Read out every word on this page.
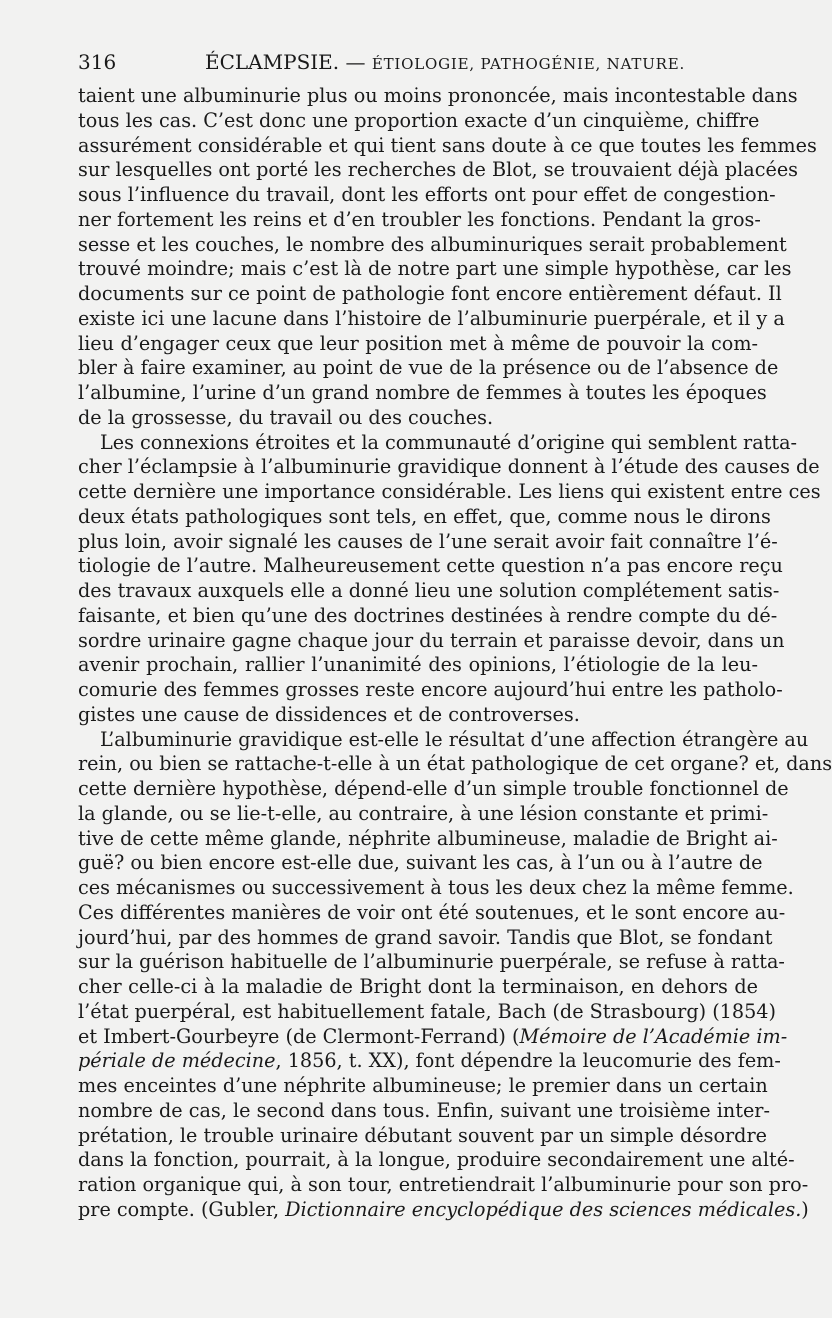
316	ÉCLAMPSIE. — ÉTIOLOGIE, PATHOGÉNIE, NATURE.
taient une albuminurie plus ou moins prononcée, mais incontestable dans
tous les cas. C’est donc une proportion exacte d’un cinquième, chiffre
assurément considérable et qui tient sans doute à ce que toutes les femmes
sur lesquelles ont porté les recherches de Blot, se trouvaient déjà placées
sous l’influence du travail, dont les efforts ont pour effet de congestion-
ner fortement les reins et d’en troubler les fonctions. Pendant la gros-
sesse et les couches, le nombre des albuminuriques serait probablement
trouvé moindre; mais c’est là de notre part une simple hypothèse, car les
documents sur ce point de pathologie font encore entièrement défaut. Il
existe ici une lacune dans l’histoire de l’albuminurie puerpérale, et il y a
lieu d’engager ceux que leur position met à même de pouvoir la com-
bler à faire examiner, au point de vue de la présence ou de l’absence de
l’albumine, l’urine d’un grand nombre de femmes à toutes les époques
de la grossesse, du travail ou des couches.
Les connexions étroites et la communauté d’origine qui semblent ratta-
cher l’éclampsie à l’albuminurie gravidique donnent à l’étude des causes de
cette dernière une importance considérable. Les liens qui existent entre ces
deux états pathologiques sont tels, en effet, que, comme nous le dirons
plus loin, avoir signalé les causes de l’une serait avoir fait connaître l’é-
tiologie de l’autre. Malheureusement cette question n’a pas encore reçu
des travaux auxquels elle a donné lieu une solution complétement satis-
faisante, et bien qu’une des doctrines destinées à rendre compte du dé-
sordre urinaire gagne chaque jour du terrain et paraisse devoir, dans un
avenir prochain, rallier l’unanimité des opinions, l’étiologie de la leu-
comurie des femmes grosses reste encore aujourd’hui entre les patholo-
gistes une cause de dissidences et de controverses.
L’albuminurie gravidique est-elle le résultat d’une affection étrangère au
rein, ou bien se rattache-t-elle à un état pathologique de cet organe? et, dans
cette dernière hypothèse, dépend-elle d’un simple trouble fonctionnel de
la glande, ou se lie-t-elle, au contraire, à une lésion constante et primi-
tive de cette même glande, néphrite albumineuse, maladie de Bright ai-
guë? ou bien encore est-elle due, suivant les cas, à l’un ou à l’autre de
ces mécanismes ou successivement à tous les deux chez la même femme.
Ces différentes manières de voir ont été soutenues, et le sont encore au-
jourd’hui, par des hommes de grand savoir. Tandis que Blot, se fondant
sur la guérison habituelle de l’albuminurie puerpérale, se refuse à ratta-
cher celle-ci à la maladie de Bright dont la terminaison, en dehors de
l’état puerpéral, est habituellement fatale, Bach (de Strasbourg) (1854)
et Imbert-Gourbeyre (de Clermont-Ferrand) (Mémoire de l’Académie im-
périale de médecine, 1856, t. XX), font dépendre la leucomurie des fem-
mes enceintes d’une néphrite albumineuse; le premier dans un certain
nombre de cas, le second dans tous. Enfin, suivant une troisième inter-
prétation, le trouble urinaire débutant souvent par un simple désordre
dans la fonction, pourrait, à la longue, produire secondairement une alté-
ration organique qui, à son tour, entretiendrait l’albuminurie pour son pro-
pre compte. (Gubler, Dictionnaire encyclopédique des sciences médicales.)
